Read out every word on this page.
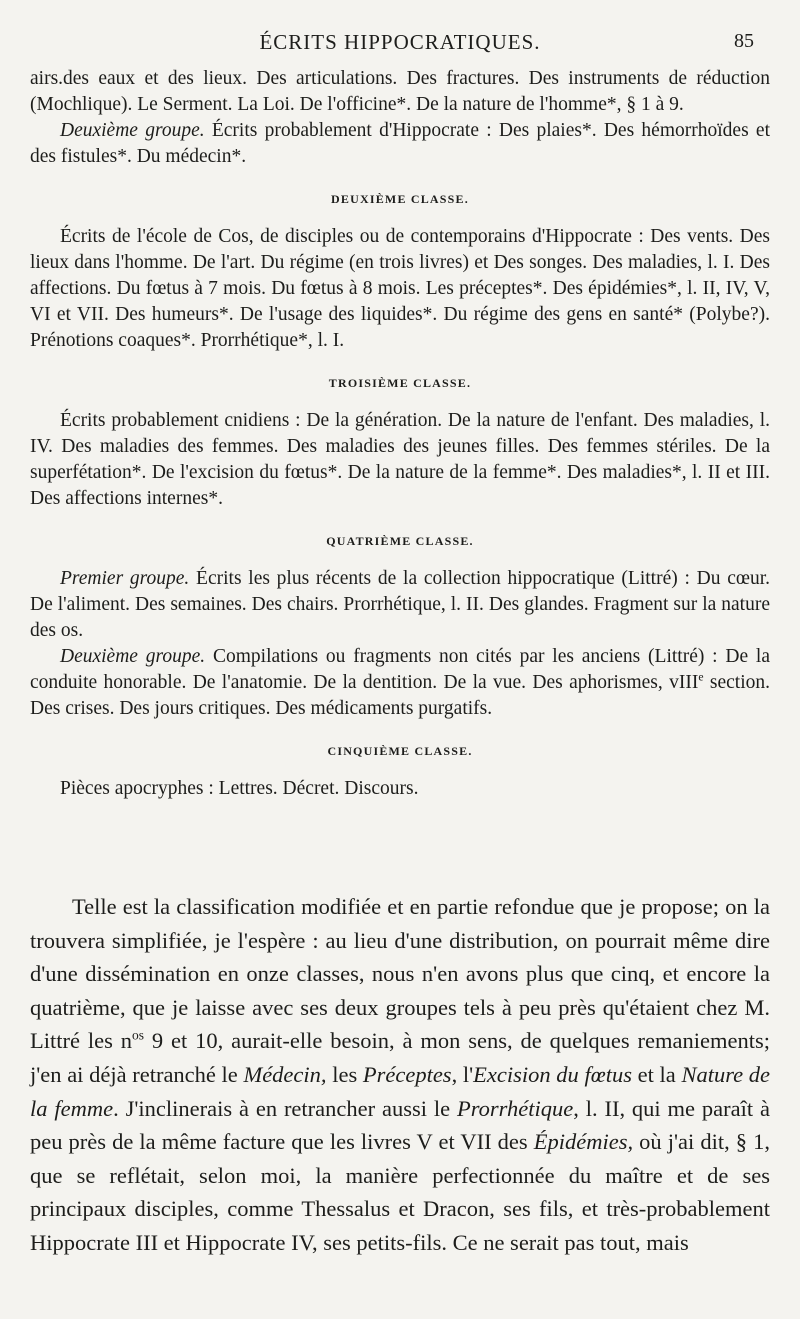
ÉCRITS HIPPOCRATIQUES.	85

airs.des eaux et des lieux. Des articulations. Des fractures. Des instruments de réduction (Mochlique). Le Serment. La Loi. De l'officine*. De la nature de l'homme*, § 1 à 9.

Deuxième groupe. Écrits probablement d'Hippocrate : Des plaies*. Des hémorrhoïdes et des fistules*. Du médecin*.

DEUXIÈME CLASSE.

Écrits de l'école de Cos, de disciples ou de contemporains d'Hippocrate : Des vents. Des lieux dans l'homme. De l'art. Du régime (en trois livres) et Des songes. Des maladies, l. I. Des affections. Du fœtus à 7 mois. Du fœtus à 8 mois. Les préceptes*. Des épidémies*, l. II, IV, V, VI et VII. Des humeurs*. De l'usage des liquides*. Du régime des gens en santé* (Polybe?). Prénotions coaques*. Prorrhétique*, l. I.

TROISIÈME CLASSE.

Écrits probablement cnidiens : De la génération. De la nature de l'enfant. Des maladies, l. IV. Des maladies des femmes. Des maladies des jeunes filles. Des femmes stériles. De la superfétation*. De l'excision du fœtus*. De la nature de la femme*. Des maladies*, l. II et III. Des affections internes*.

QUATRIÈME CLASSE.

Premier groupe. Écrits les plus récents de la collection hippocratique (Littré) : Du cœur. De l'aliment. Des semaines. Des chairs. Prorrhétique, l. II. Des glandes. Fragment sur la nature des os.

Deuxième groupe. Compilations ou fragments non cités par les anciens (Littré) : De la conduite honorable. De l'anatomie. De la dentition. De la vue. Des aphorismes, vIII$^e$ section. Des crises. Des jours critiques. Des médicaments purgatifs.

CINQUIÈME CLASSE.

Pièces apocryphes : Lettres. Décret. Discours.

Telle est la classification modifiée et en partie refondue que je propose; on la trouvera simplifiée, je l'espère : au lieu d'une distribution, on pourrait même dire d'une dissémination en onze classes, nous n'en avons plus que cinq, et encore la quatrième, que je laisse avec ses deux groupes tels à peu près qu'étaient chez M. Littré les $n^{os}$ 9 et 10, aurait-elle besoin, à mon sens, de quelques remaniements; j'en ai déjà retranché le Médecin, les Préceptes, l'Excision du fœtus et la Nature de la femme. J'inclinerais à en retrancher aussi le Prorrhétique, l. II, qui me paraît à peu près de la même facture que les livres V et VII des Épidémies, où j'ai dit, § 1, que se reflétait, selon moi, la manière perfectionnée du maître et de ses principaux disciples, comme Thessalus et Dracon, ses fils, et très-probablement Hippocrate III et Hippocrate IV, ses petits-fils. Ce ne serait pas tout, mais
